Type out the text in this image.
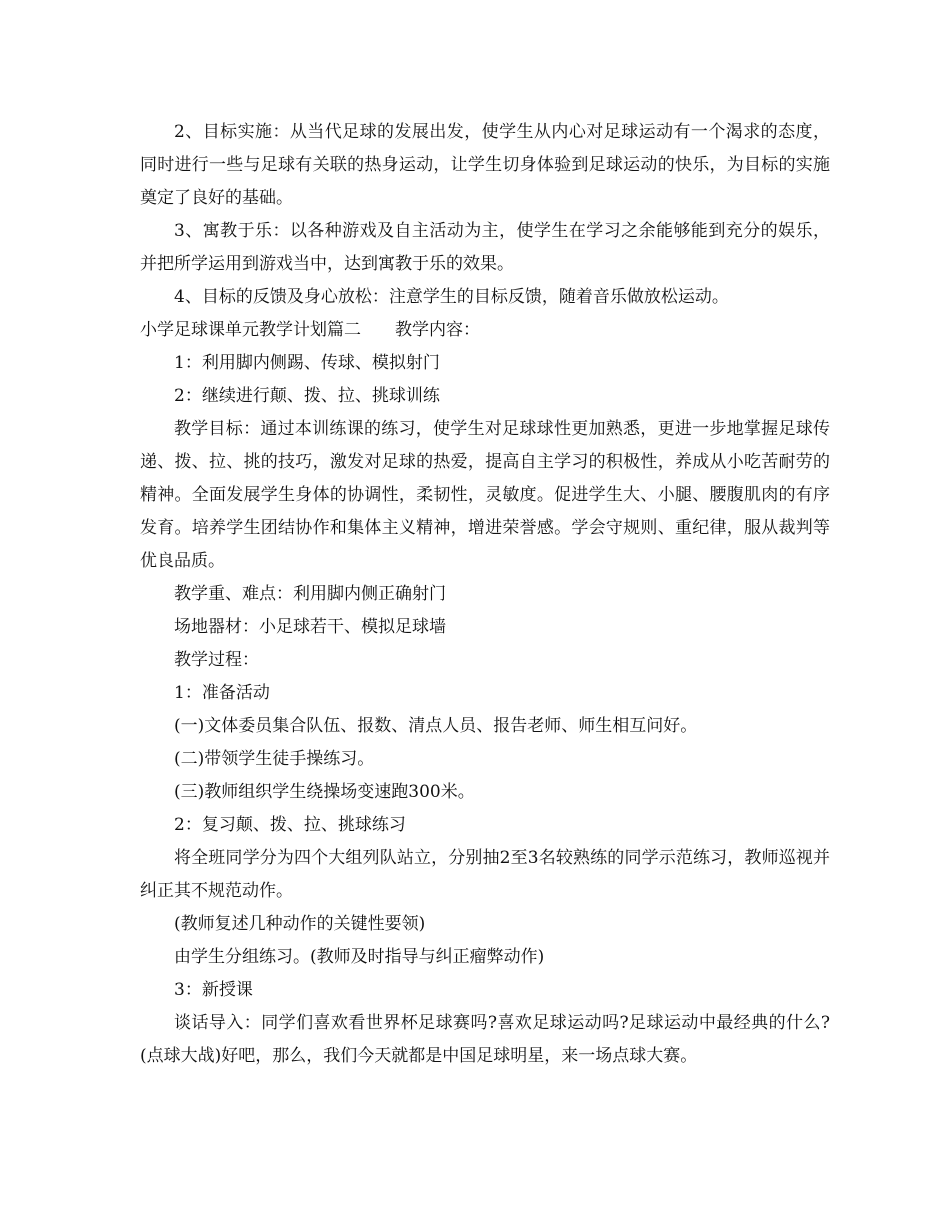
2、目标实施：从当代足球的发展出发，使学生从内心对足球运动有一个渴求的态度，同时进行一些与足球有关联的热身运动，让学生切身体验到足球运动的快乐，为目标的实施奠定了良好的基础。

3、寓教于乐：以各种游戏及自主活动为主，使学生在学习之余能够能到充分的娱乐，并把所学运用到游戏当中，达到寓教于乐的效果。

4、目标的反馈及身心放松：注意学生的目标反馈，随着音乐做放松运动。

小学足球课单元教学计划篇二　　教学内容：

1：利用脚内侧踢、传球、模拟射门

2：继续进行颠、拨、拉、挑球训练

教学目标：通过本训练课的练习，使学生对足球球性更加熟悉，更进一步地掌握足球传递、拨、拉、挑的技巧，激发对足球的热爱，提高自主学习的积极性，养成从小吃苦耐劳的精神。全面发展学生身体的协调性，柔韧性，灵敏度。促进学生大、小腿、腰腹肌肉的有序发育。培养学生团结协作和集体主义精神，增进荣誉感。学会守规则、重纪律，服从裁判等优良品质。

教学重、难点：利用脚内侧正确射门

场地器材：小足球若干、模拟足球墙

教学过程：

1：准备活动

(一)文体委员集合队伍、报数、清点人员、报告老师、师生相互问好。

(二)带领学生徒手操练习。

(三)教师组织学生绕操场变速跑300米。

2：复习颠、拨、拉、挑球练习

将全班同学分为四个大组列队站立，分别抽2至3名较熟练的同学示范练习，教师巡视并纠正其不规范动作。

(教师复述几种动作的关键性要领)

由学生分组练习。(教师及时指导与纠正瘤弊动作)

3：新授课

谈话导入：同学们喜欢看世界杯足球赛吗?喜欢足球运动吗?足球运动中最经典的什么?(点球大战)好吧，那么，我们今天就都是中国足球明星，来一场点球大赛。
